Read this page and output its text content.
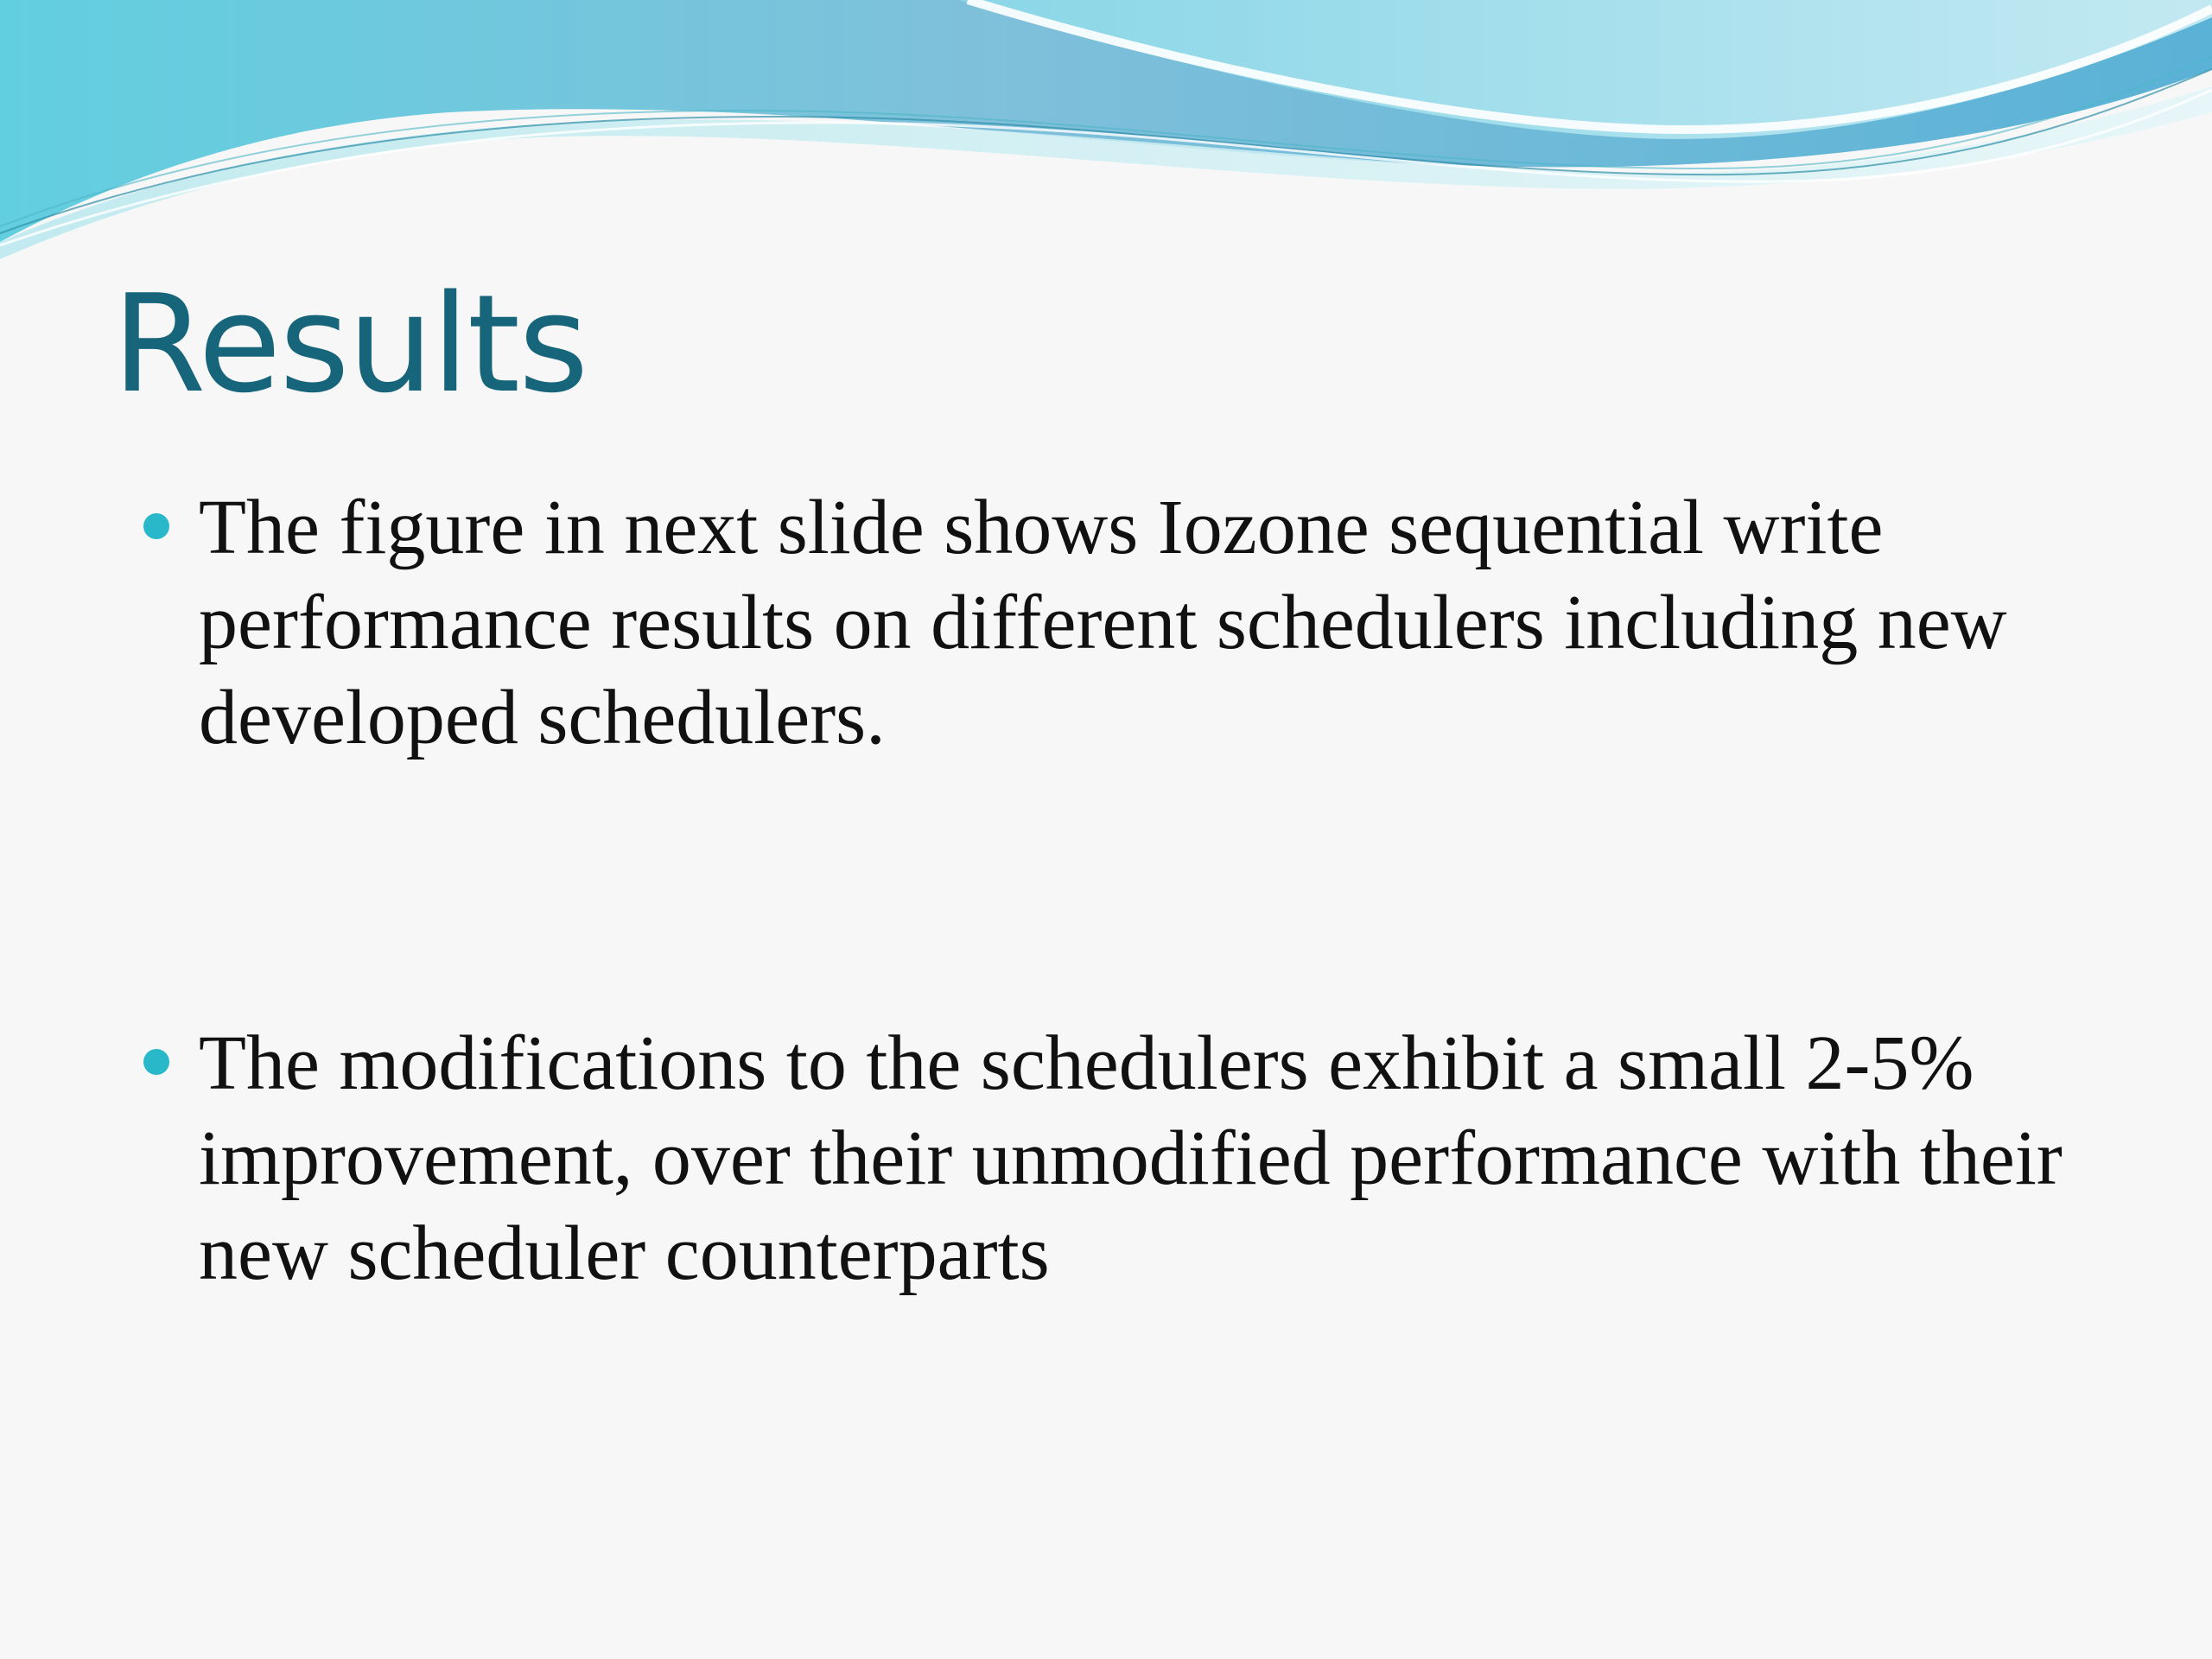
Results
The figure in next slide shows Iozone sequential write performance results on different schedulers including new developed schedulers.
The modifications to the schedulers exhibit a small 2-5% improvement, over their unmodified performance with their new scheduler counterparts
